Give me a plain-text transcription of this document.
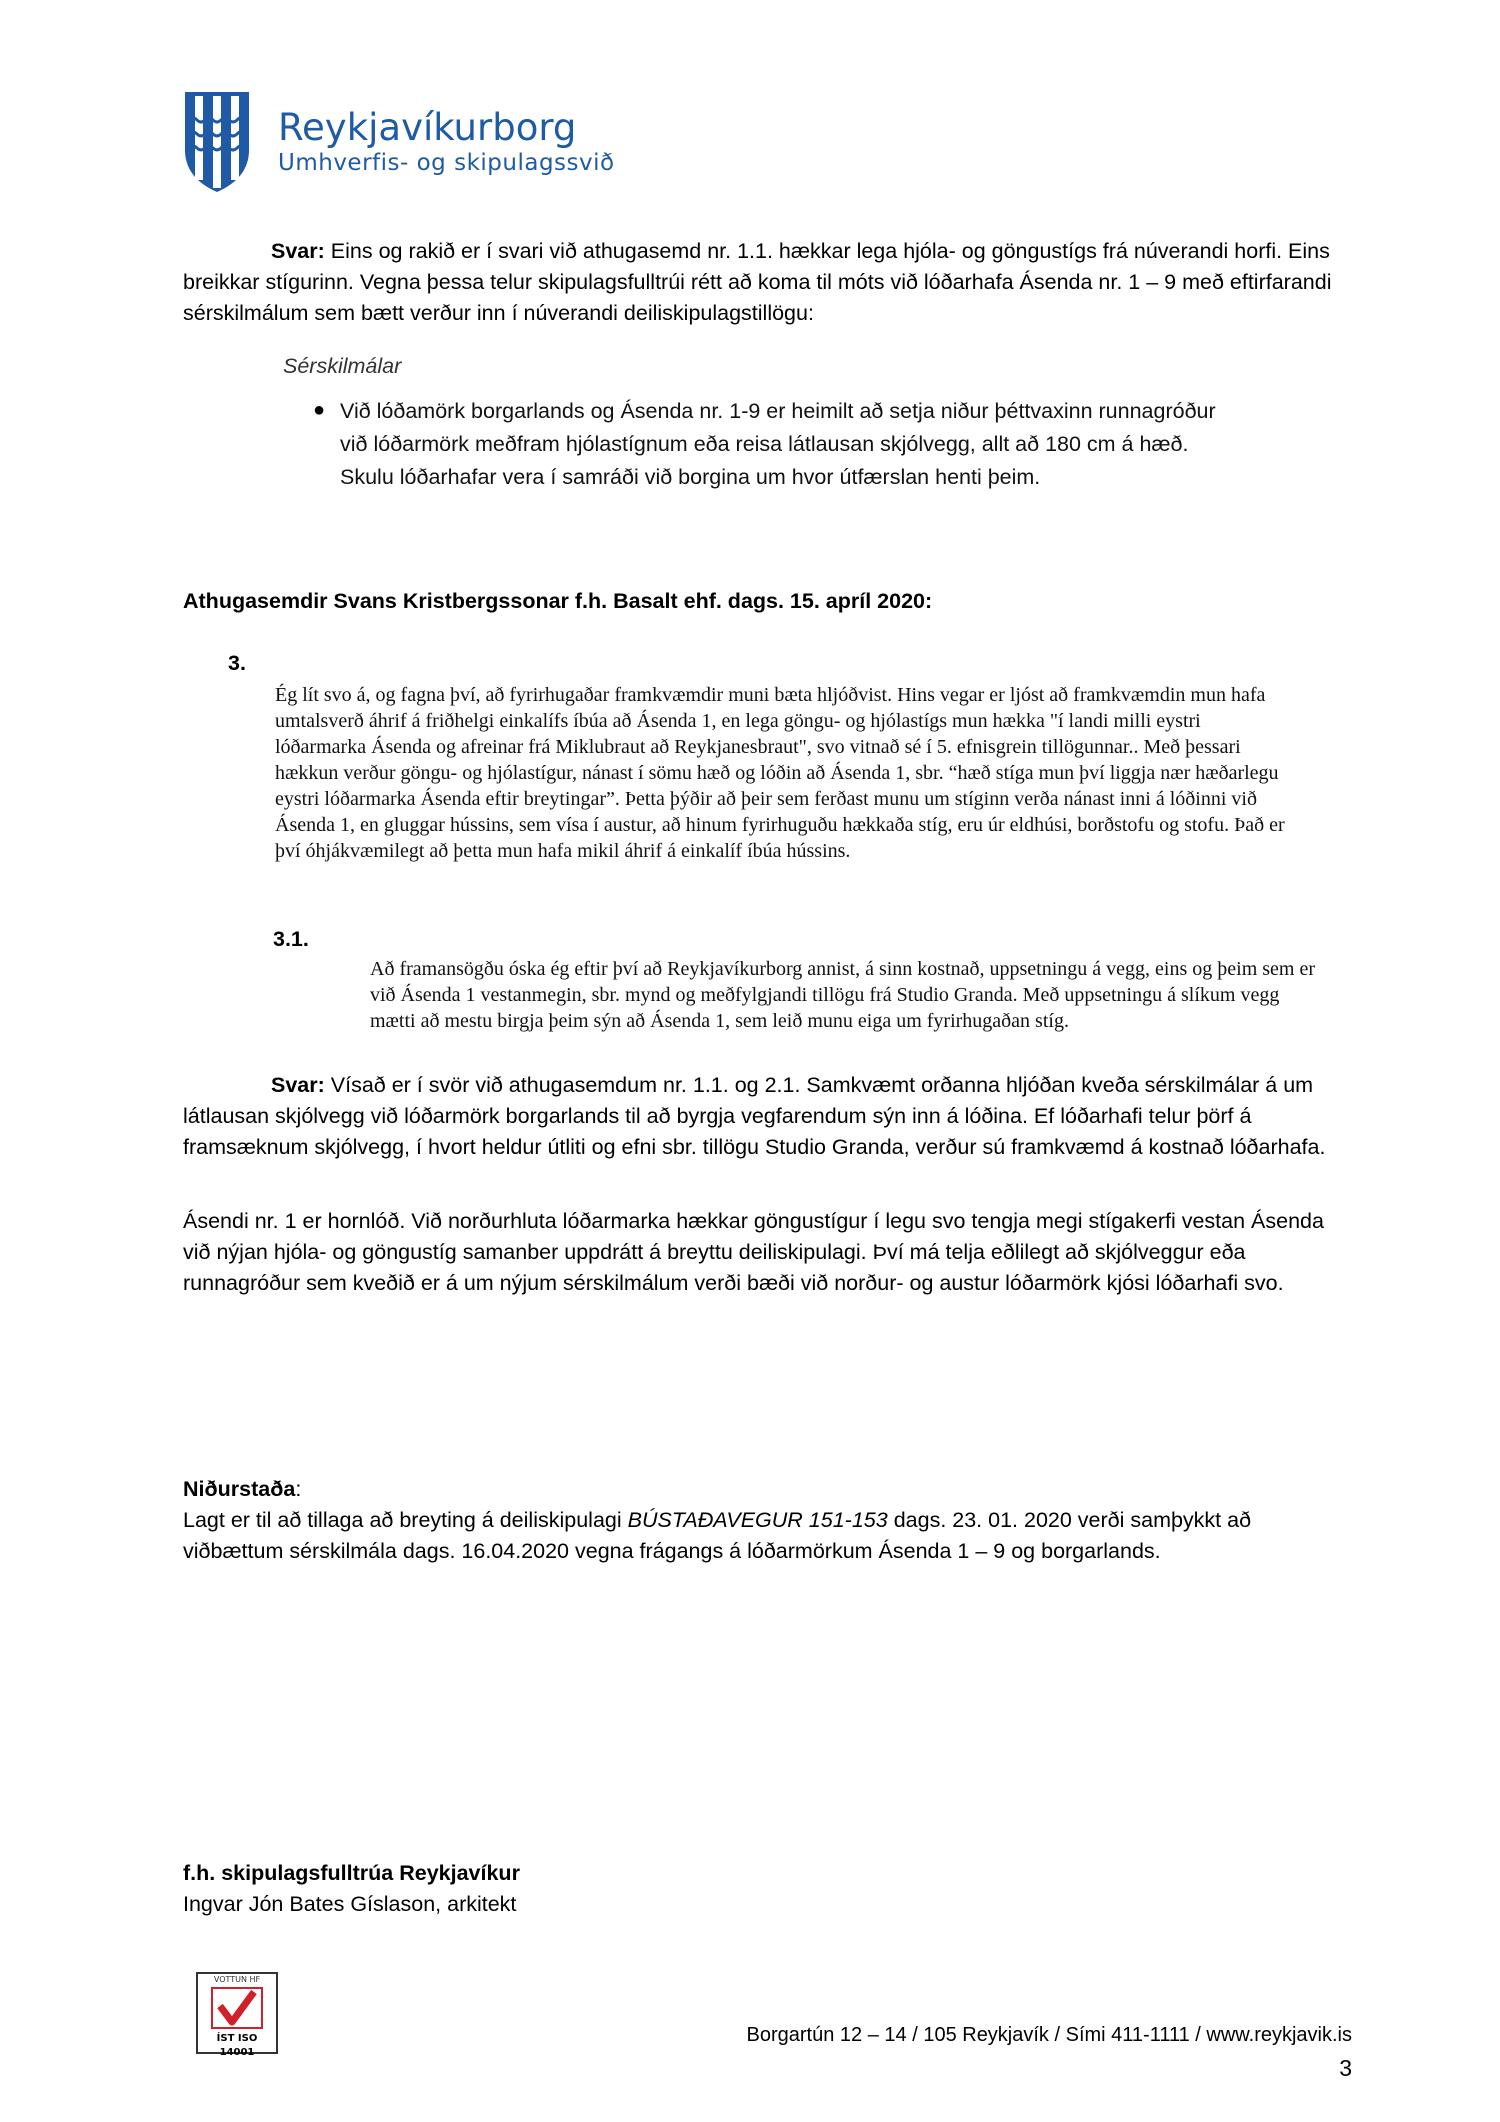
Reykjavíkurborg
Umhverfis- og skipulagssvið

Svar: Eins og rakið er í svari við athugasemd nr. 1.1. hækkar lega hjóla- og göngustígs frá núverandi horfi. Eins breikkar stígurinn. Vegna þessa telur skipulagsfulltrúi rétt að koma til móts við lóðarhafa Ásenda nr. 1 – 9 með eftirfarandi sérskilmálum sem bætt verður inn í núverandi deiliskipulagstillögu:

Sérskilmálar
● Við lóðamörk borgarlands og Ásenda nr. 1-9 er heimilt að setja niður þéttvaxinn runnagróður við lóðarmörk meðfram hjólastígnum eða reisa látlausan skjólvegg, allt að 180 cm á hæð. Skulu lóðarhafar vera í samráði við borgina um hvor útfærslan henti þeim.

Athugasemdir Svans Kristbergssonar f.h. Basalt ehf. dags. 15. apríl 2020:

3.

Ég lít svo á, og fagna því, að fyrirhugaðar framkvæmdir muni bæta hljóðvist. Hins vegar er ljóst að framkvæmdin mun hafa umtalsverð áhrif á friðhelgi einkalífs íbúa að Ásenda 1, en lega göngu- og hjólastígs mun hækka "í landi milli eystri lóðarmarka Ásenda og afreinar frá Miklubraut að Reykjanesbraut", svo vitnað sé í 5. efnisgrein tillögunnar.. Með þessari hækkun verður göngu- og hjólastígur, nánast í sömu hæð og lóðin að Ásenda 1, sbr. “hæð stíga mun því liggja nær hæðarlegu eystri lóðarmarka Ásenda eftir breytingar”. Þetta þýðir að þeir sem ferðast munu um stíginn verða nánast inni á lóðinni við Ásenda 1, en gluggar hússins, sem vísa í austur, að hinum fyrirhuguðu hækkaða stíg, eru úr eldhúsi, borðstofu og stofu. Það er því óhjákvæmilegt að þetta mun hafa mikil áhrif á einkalíf íbúa hússins.

3.1.

Að framansögðu óska ég eftir því að Reykjavíkurborg annist, á sinn kostnað, uppsetningu á vegg, eins og þeim sem er við Ásenda 1 vestanmegin, sbr. mynd og meðfylgjandi tillögu frá Studio Granda. Með uppsetningu á slíkum vegg mætti að mestu birgja þeim sýn að Ásenda 1, sem leið munu eiga um fyrirhugaðan stíg.

Svar: Vísað er í svör við athugasemdum nr. 1.1. og 2.1. Samkvæmt orðanna hljóðan kveða sérskilmálar á um látlausan skjólvegg við lóðarmörk borgarlands til að byrgja vegfarendum sýn inn á lóðina. Ef lóðarhafi telur þörf á framsæknum skjólvegg, í hvort heldur útliti og efni sbr. tillögu Studio Granda, verður sú framkvæmd á kostnað lóðarhafa.

Ásendi nr. 1 er hornlóð. Við norðurhluta lóðarmarka hækkar göngustígur í legu svo tengja megi stígakerfi vestan Ásenda við nýjan hjóla- og göngustíg samanber uppdrátt á breyttu deiliskipulagi. Því má telja eðlilegt að skjólveggur eða runnagróður sem kveðið er á um nýjum sérskilmálum verði bæði við norður- og austur lóðarmörk kjósi lóðarhafi svo.

Niðurstaða:

Lagt er til að tillaga að breyting á deiliskipulagi BÚSTAÐAVEGUR 151-153 dags. 23. 01. 2020 verði samþykkt að viðbættum sérskilmála dags. 16.04.2020 vegna frágangs á lóðarmörkum Ásenda 1 – 9 og borgarlands.

f.h. skipulagsfulltrúa Reykjavíkur
Ingvar Jón Bates Gíslason, arkitekt
VOTTUN HF
ÍST ISO 14001
Borgartún 12 – 14 / 105 Reykjavík / Sími 411-1111 / www.reykjavik.is
3
